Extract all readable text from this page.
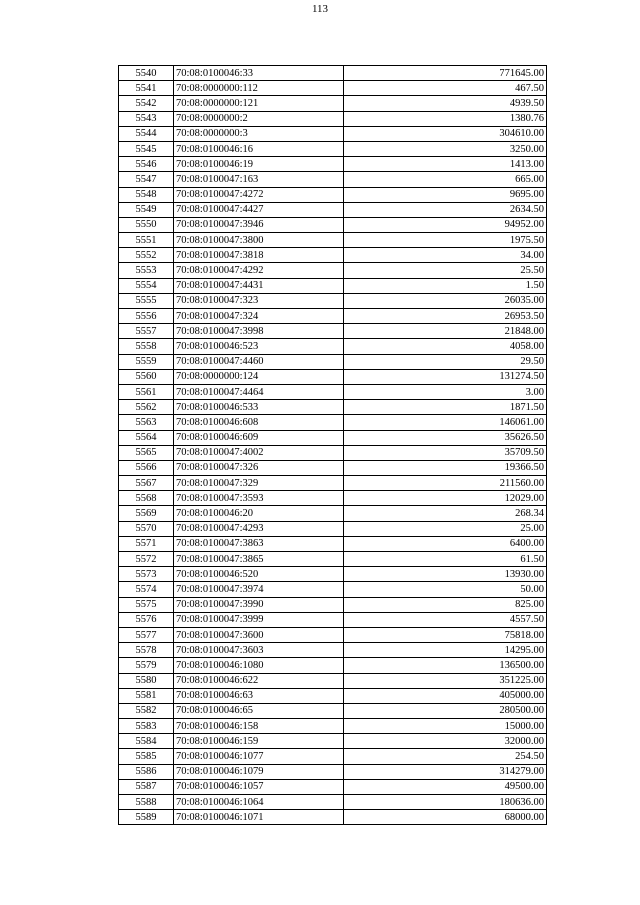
113
5540	70:08:0100046:33	771645.00
5541	70:08:0000000:112	467.50
5542	70:08:0000000:121	4939.50
5543	70:08:0000000:2	1380.76
5544	70:08:0000000:3	304610.00
5545	70:08:0100046:16	3250.00
5546	70:08:0100046:19	1413.00
5547	70:08:0100047:163	665.00
5548	70:08:0100047:4272	9695.00
5549	70:08:0100047:4427	2634.50
5550	70:08:0100047:3946	94952.00
5551	70:08:0100047:3800	1975.50
5552	70:08:0100047:3818	34.00
5553	70:08:0100047:4292	25.50
5554	70:08:0100047:4431	1.50
5555	70:08:0100047:323	26035.00
5556	70:08:0100047:324	26953.50
5557	70:08:0100047:3998	21848.00
5558	70:08:0100046:523	4058.00
5559	70:08:0100047:4460	29.50
5560	70:08:0000000:124	131274.50
5561	70:08:0100047:4464	3.00
5562	70:08:0100046:533	1871.50
5563	70:08:0100046:608	146061.00
5564	70:08:0100046:609	35626.50
5565	70:08:0100047:4002	35709.50
5566	70:08:0100047:326	19366.50
5567	70:08:0100047:329	211560.00
5568	70:08:0100047:3593	12029.00
5569	70:08:0100046:20	268.34
5570	70:08:0100047:4293	25.00
5571	70:08:0100047:3863	6400.00
5572	70:08:0100047:3865	61.50
5573	70:08:0100046:520	13930.00
5574	70:08:0100047:3974	50.00
5575	70:08:0100047:3990	825.00
5576	70:08:0100047:3999	4557.50
5577	70:08:0100047:3600	75818.00
5578	70:08:0100047:3603	14295.00
5579	70:08:0100046:1080	136500.00
5580	70:08:0100046:622	351225.00
5581	70:08:0100046:63	405000.00
5582	70:08:0100046:65	280500.00
5583	70:08:0100046:158	15000.00
5584	70:08:0100046:159	32000.00
5585	70:08:0100046:1077	254.50
5586	70:08:0100046:1079	314279.00
5587	70:08:0100046:1057	49500.00
5588	70:08:0100046:1064	180636.00
5589	70:08:0100046:1071	68000.00
